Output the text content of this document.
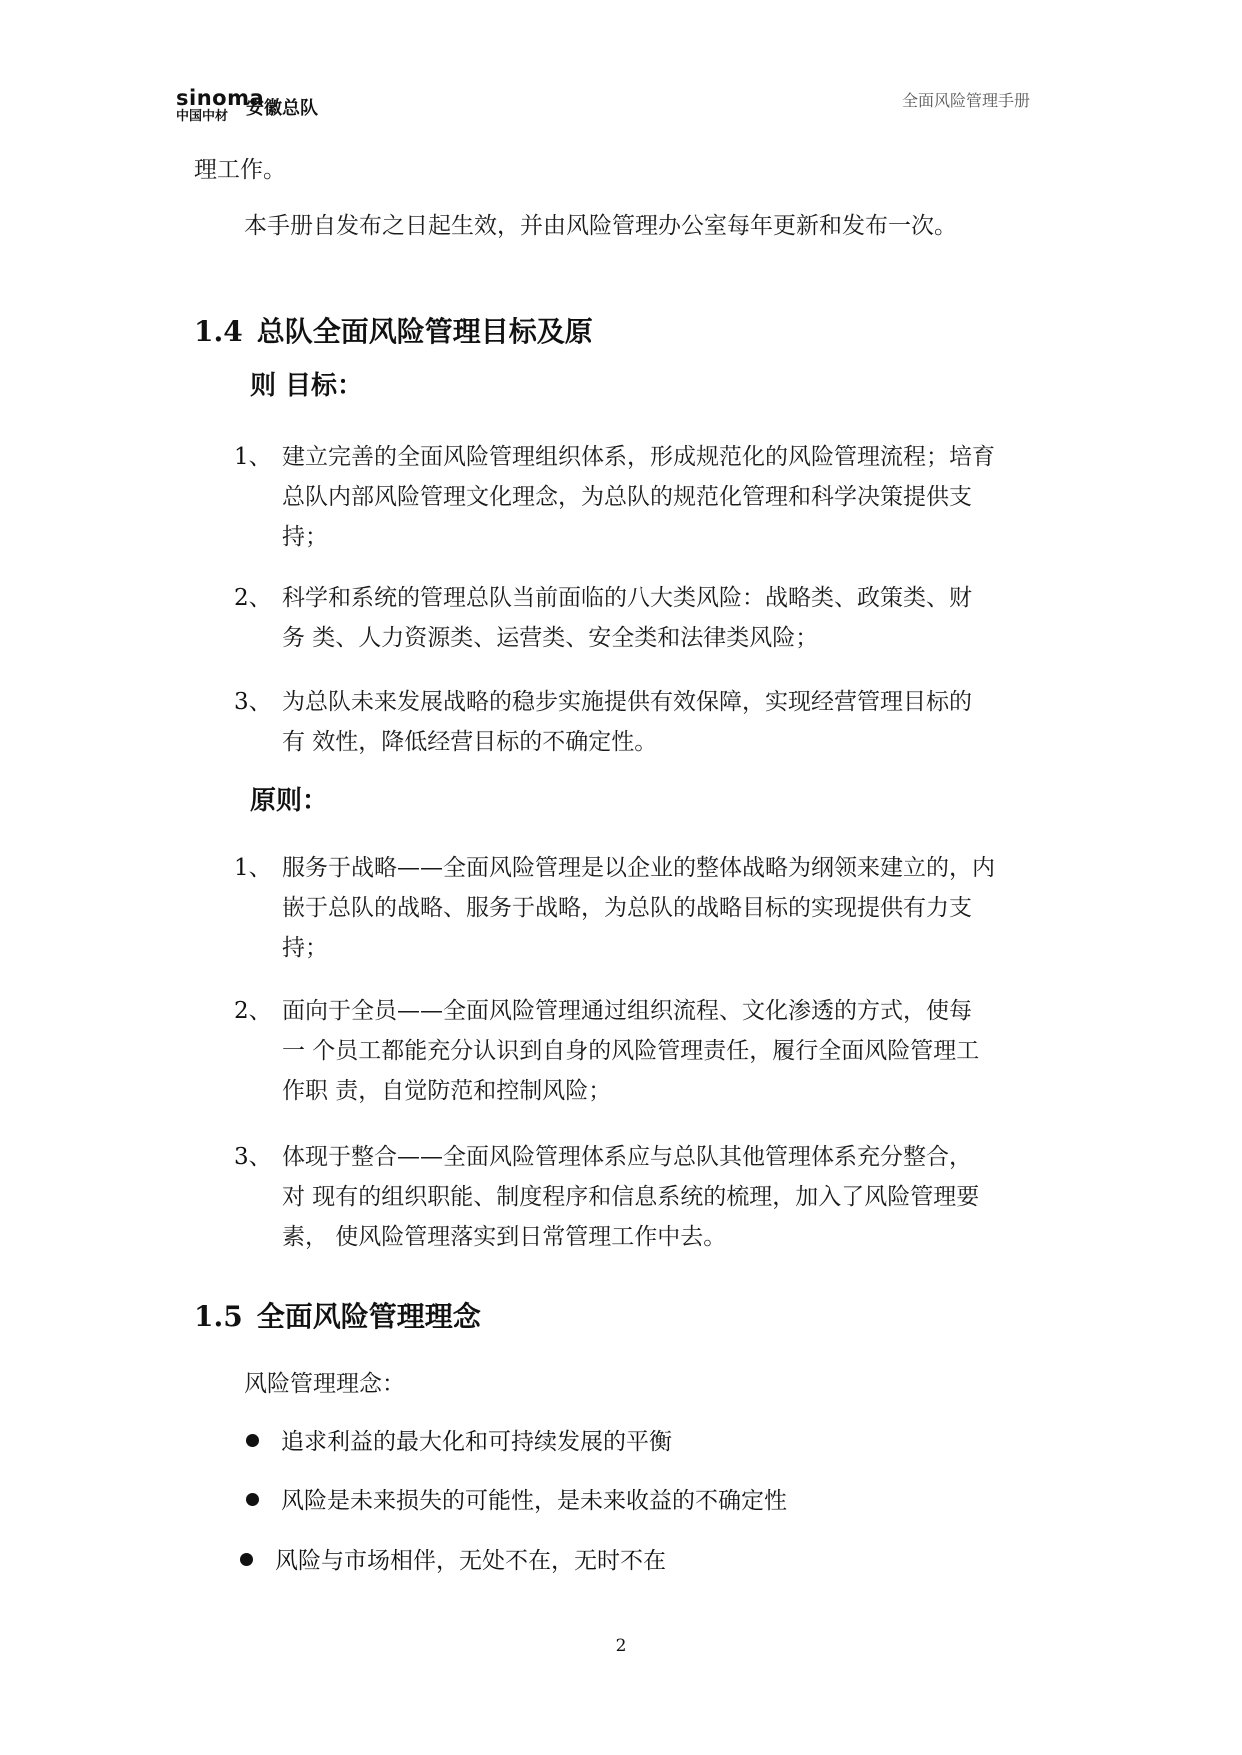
sinoma
中国中材 安徽总队	全面风险管理手册
理工作。
本手册自发布之日起生效，并由风险管理办公室每年更新和发布一次。
1.4 总队全面风险管理目标及原
则 目标：
1、 建立完善的全面风险管理组织体系，形成规范化的风险管理流程；培育
总队内部风险管理文化理念，为总队的规范化管理和科学决策提供支
持；
2、 科学和系统的管理总队当前面临的八大类风险：战略类、政策类、财
务 类、人力资源类、运营类、安全类和法律类风险；
3、 为总队未来发展战略的稳步实施提供有效保障，实现经营管理目标的
有 效性，降低经营目标的不确定性。
原则：
1、 服务于战略——全面风险管理是以企业的整体战略为纲领来建立的，内
嵌于总队的战略、服务于战略，为总队的战略目标的实现提供有力支
持；
2、 面向于全员——全面风险管理通过组织流程、文化渗透的方式，使每
一 个员工都能充分认识到自身的风险管理责任，履行全面风险管理工
作职 责，自觉防范和控制风险；
3、 体现于整合——全面风险管理体系应与总队其他管理体系充分整合，
对 现有的组织职能、制度程序和信息系统的梳理，加入了风险管理要
素， 使风险管理落实到日常管理工作中去。
1.5 全面风险管理理念
风险管理理念：
追求利益的最大化和可持续发展的平衡
风险是未来损失的可能性，是未来收益的不确定性
风险与市场相伴，无处不在，无时不在
2
